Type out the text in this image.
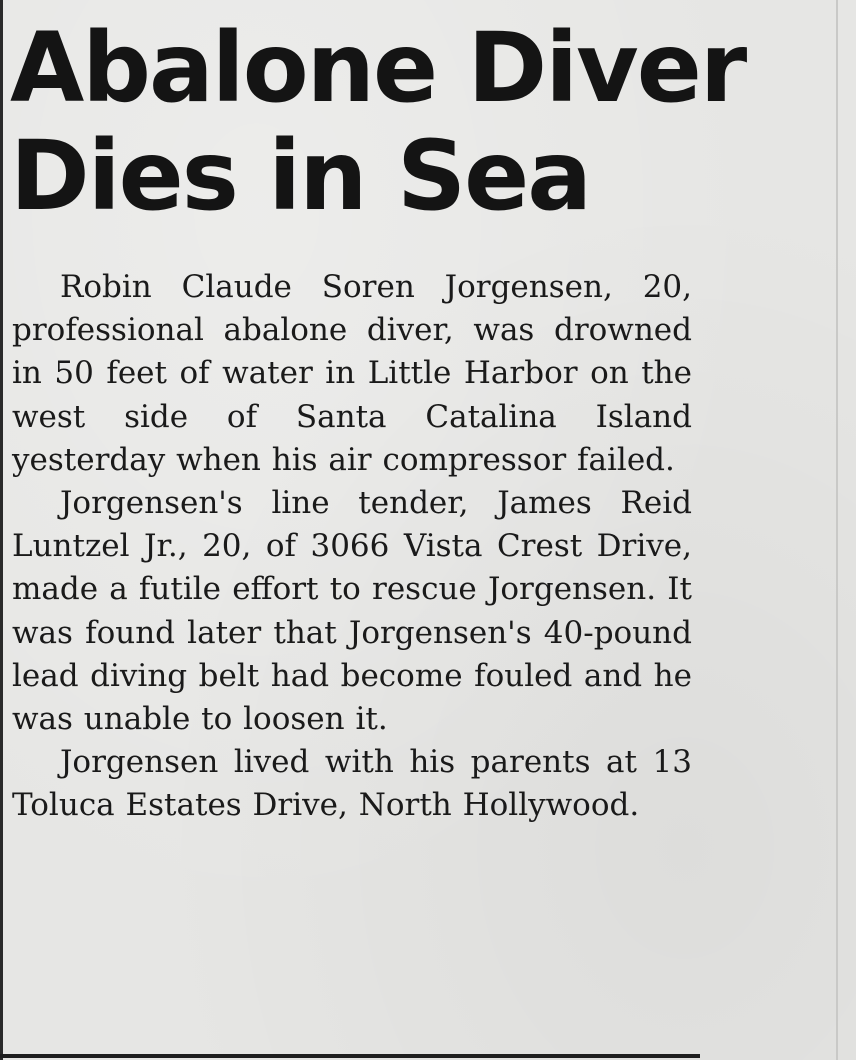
Abalone Diver
Dies in Sea

Robin Claude Soren Jorgensen, 20, professional abalone diver, was drowned in 50 feet of water in Little Harbor on the west side of Santa Catalina Island yesterday when his air compressor failed.

Jorgensen's line tender, James Reid Luntzel Jr., 20, of 3066 Vista Crest Drive, made a futile effort to rescue Jorgensen. It was found later that Jorgensen's 40-pound lead diving belt had become fouled and he was unable to loosen it.

Jorgensen lived with his parents at 13 Toluca Estates Drive, North Hollywood.
